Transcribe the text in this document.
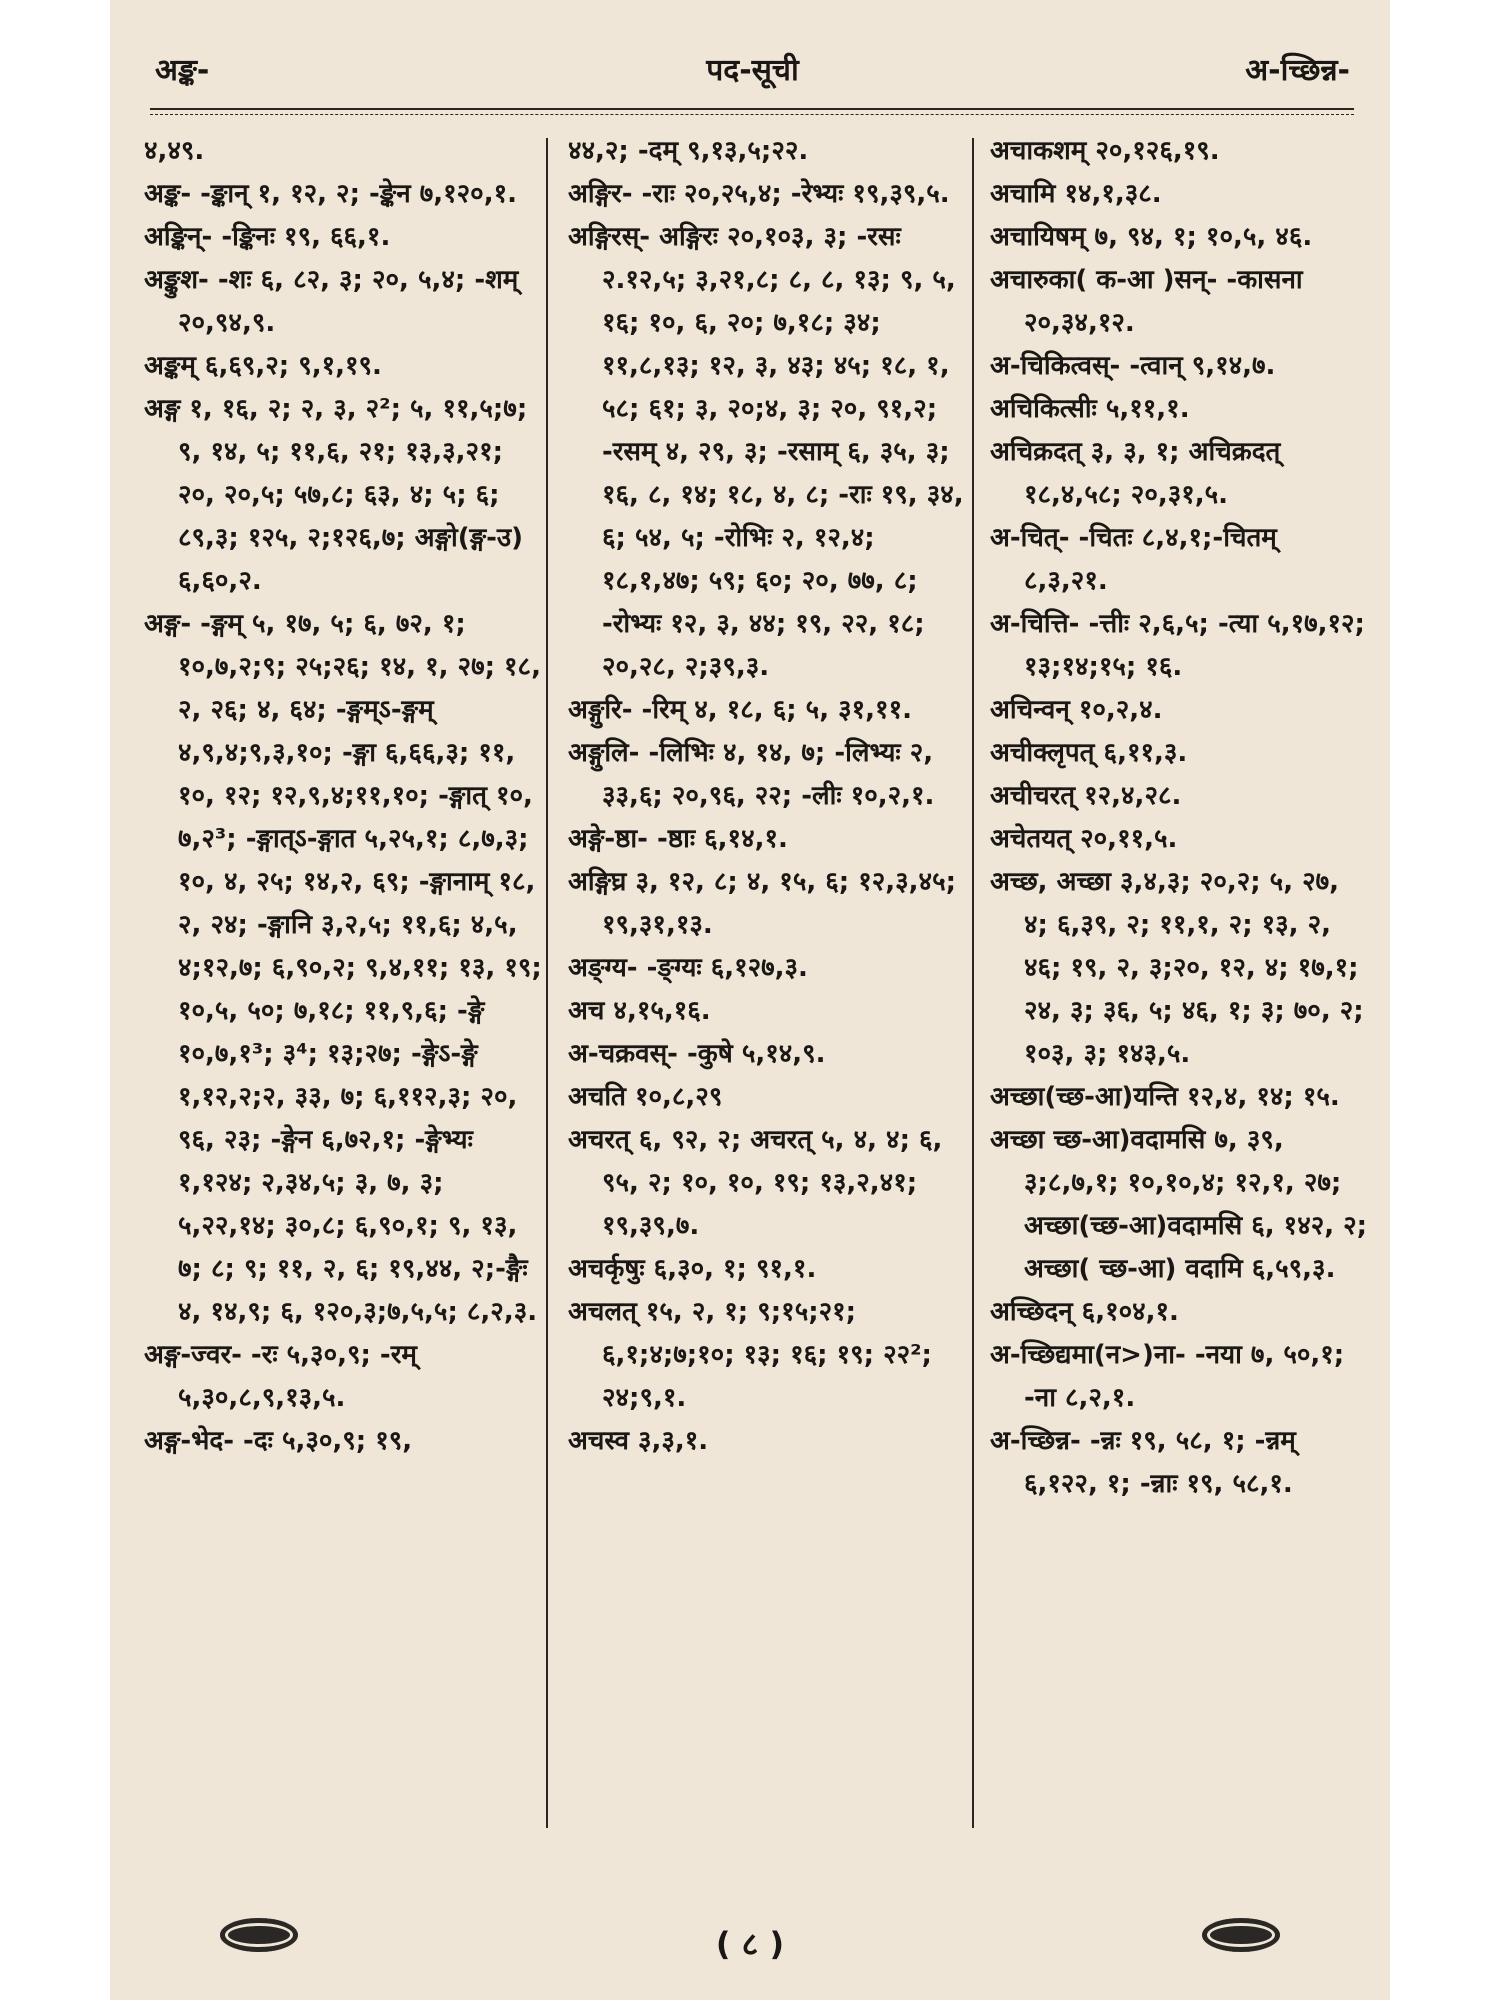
अङ्क-	पद-सूची	अ-च्छिन्न-

४,४९.

अङ्क- -ङ्कान् १, १२, २; -ङ्केन ७,१२०,१.

अङ्किन्- -ङ्किनः १९, ६६,१.

अङ्कुश- -शः ६, ८२, ३; २०, ५,४; -शम् २०,९४,९.

अङ्कम् ६,६९,२; ९,१,१९.

अङ्ग १, १६, २; २, ३, २²; ५, ११,५;७; ९, १४, ५; ११,६, २१; १३,३,२१; २०, २०,५; ५७,८; ६३, ४; ५; ६; ८९,३; १२५, २;१२६,७; अङ्गो(ङ्ग-उ) ६,६०,२.

अङ्ग- -ङ्गम् ५, १७, ५; ६, ७२, १; १०,७,२;९; २५;२६; १४, १, २७; १८, २, २६; ४, ६४; -ङ्गम्ऽ-ङ्गम् ४,९,४;९,३,१०; -ङ्गा ६,६६,३; ११, १०, १२; १२,९,४;११,१०; -ङ्गात् १०, ७,२³; -ङ्गात्ऽ-ङ्गात ५,२५,१; ८,७,३; १०, ४, २५; १४,२, ६९; -ङ्गानाम् १८, २, २४; -ङ्गानि ३,२,५; ११,६; ४,५, ४;१२,७; ६,९०,२; ९,४,११; १३, १९; १०,५, ५०; ७,१८; ११,९,६; -ङ्गे १०,७,१³; ३⁴; १३;२७; -ङ्गेऽ-ङ्गे १,१२,२;२, ३३, ७; ६,११२,३; २०, ९६, २३; -ङ्गेन ६,७२,१; -ङ्गेभ्यः १,१२४; २,३४,५; ३, ७, ३; ५,२२,१४; ३०,८; ६,९०,१; ९, १३, ७; ८; ९; ११, २, ६; १९,४४, २;-ङ्गैः ४, १४,९; ६, १२०,३;७,५,५; ८,२,३.

अङ्ग-ज्वर- -रः ५,३०,९; -रम् ५,३०,८,९,१३,५.

अङ्ग-भेद- -दः ५,३०,९; १९,

४४,२; -दम् ९,१३,५;२२.

अङ्गिर- -राः २०,२५,४; -रेभ्यः १९,३९,५.

अङ्गिरस्- अङ्गिरः २०,१०३, ३; -रसः २.१२,५; ३,२१,८; ८, ८, १३; ९, ५, १६; १०, ६, २०; ७,१८; ३४; ११,८,१३; १२, ३, ४३; ४५; १८, १, ५८; ६१; ३, २०;४, ३; २०, ९१,२; -रसम् ४, २९, ३; -रसाम् ६, ३५, ३; १६, ८, १४; १८, ४, ८; -राः १९, ३४, ६; ५४, ५; -रोभिः २, १२,४; १८,१,४७; ५९; ६०; २०, ७७, ८; -रोभ्यः १२, ३, ४४; १९, २२, १८; २०,२८, २;३९,३.

अङ्गुरि- -रिम् ४, १८, ६; ५, ३१,११.

अङ्गुलि- -लिभिः ४, १४, ७; -लिभ्यः २, ३३,६; २०,९६, २२; -लीः १०,२,१.

अङ्गे-ष्ठा- -ष्ठाः ६,१४,१.

अङ्गिघ्र ३, १२, ८; ४, १५, ६; १२,३,४५; १९,३१,१३.

अङ्ग्य- -ङ्ग्यः ६,१२७,३.

अच ४,१५,१६.

अ-चक्रवस्- -कुषे ५,१४,९.

अचति १०,८,२९

अचरत् ६, ९२, २; अचरत् ५, ४, ४; ६, ९५, २; १०, १०, १९; १३,२,४१; १९,३९,७.

अचर्कृषुः ६,३०, १; ९१,१.

अचलत् १५, २, १; ९;१५;२१; ६,१;४;७;१०; १३; १६; १९; २२²; २४;९,१.

अचस्व ३,३,१.

अचाकशम् २०,१२६,१९.

अचामि १४,१,३८.

अचायिषम् ७, ९४, १; १०,५, ४६.

अचारुका( क-आ )सन्- -कासना २०,३४,१२.

अ-चिकित्वस्- -त्वान् ९,१४,७.

अचिकित्सीः ५,११,१.

अचिक्रदत् ३, ३, १; अचिक्रदत् १८,४,५८; २०,३१,५.

अ-चित्- -चितः ८,४,१;-चितम् ८,३,२१.

अ-चित्ति- -त्तीः २,६,५; -त्या ५,१७,१२; १३;१४;१५; १६.

अचिन्वन् १०,२,४.

अचीक्लृपत् ६,११,३.

अचीचरत् १२,४,२८.

अचेतयत् २०,११,५.

अच्छ, अच्छा ३,४,३; २०,२; ५, २७, ४; ६,३९, २; ११,१, २; १३, २, ४६; १९, २, ३;२०, १२, ४; १७,१; २४, ३; ३६, ५; ४६, १; ३; ७०, २; १०३, ३; १४३,५.

अच्छा(च्छ-आ)यन्ति १२,४, १४; १५.

अच्छा च्छ-आ)वदामसि ७, ३९, ३;८,७,१; १०,१०,४; १२,१, २७; अच्छा(च्छ-आ)वदामसि ६, १४२, २; अच्छा( च्छ-आ) वदामि ६,५९,३.

अच्छिदन् ६,१०४,१.

अ-च्छिद्यमा(न>)ना- -नया ७, ५०,१; -ना ८,२,१.

अ-च्छिन्न- -न्नः १९, ५८, १; -न्नम् ६,१२२, १; -न्नाः १९, ५८,१.

( ८ )
